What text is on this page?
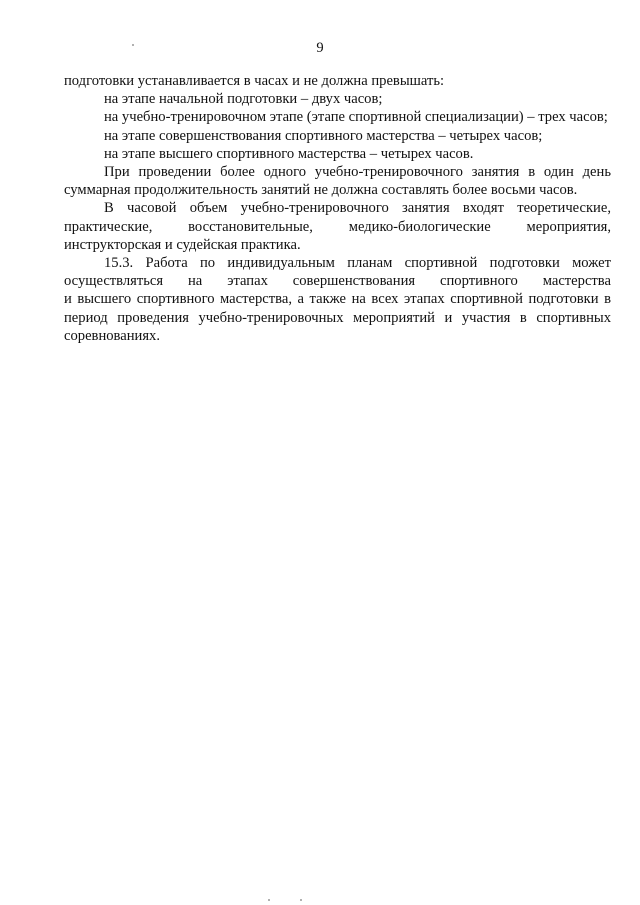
9

подготовки устанавливается в часах и не должна превышать:

на этапе начальной подготовки – двух часов;

на учебно-тренировочном этапе (этапе спортивной специализации) – трех часов;

на этапе совершенствования спортивного мастерства – четырех часов;

на этапе высшего спортивного мастерства – четырех часов.

При проведении более одного учебно-тренировочного занятия в один день суммарная продолжительность занятий не должна составлять более восьми часов.

В часовой объем учебно-тренировочного занятия входят теоретические, практические, восстановительные, медико-биологические мероприятия, инструкторская и судейская практика.

15.3. Работа по индивидуальным планам спортивной подготовки может осуществляться на этапах совершенствования спортивного мастерства

и высшего спортивного мастерства, а также на всех этапах спортивной подготовки в период проведения учебно-тренировочных мероприятий и участия в спортивных соревнованиях.
